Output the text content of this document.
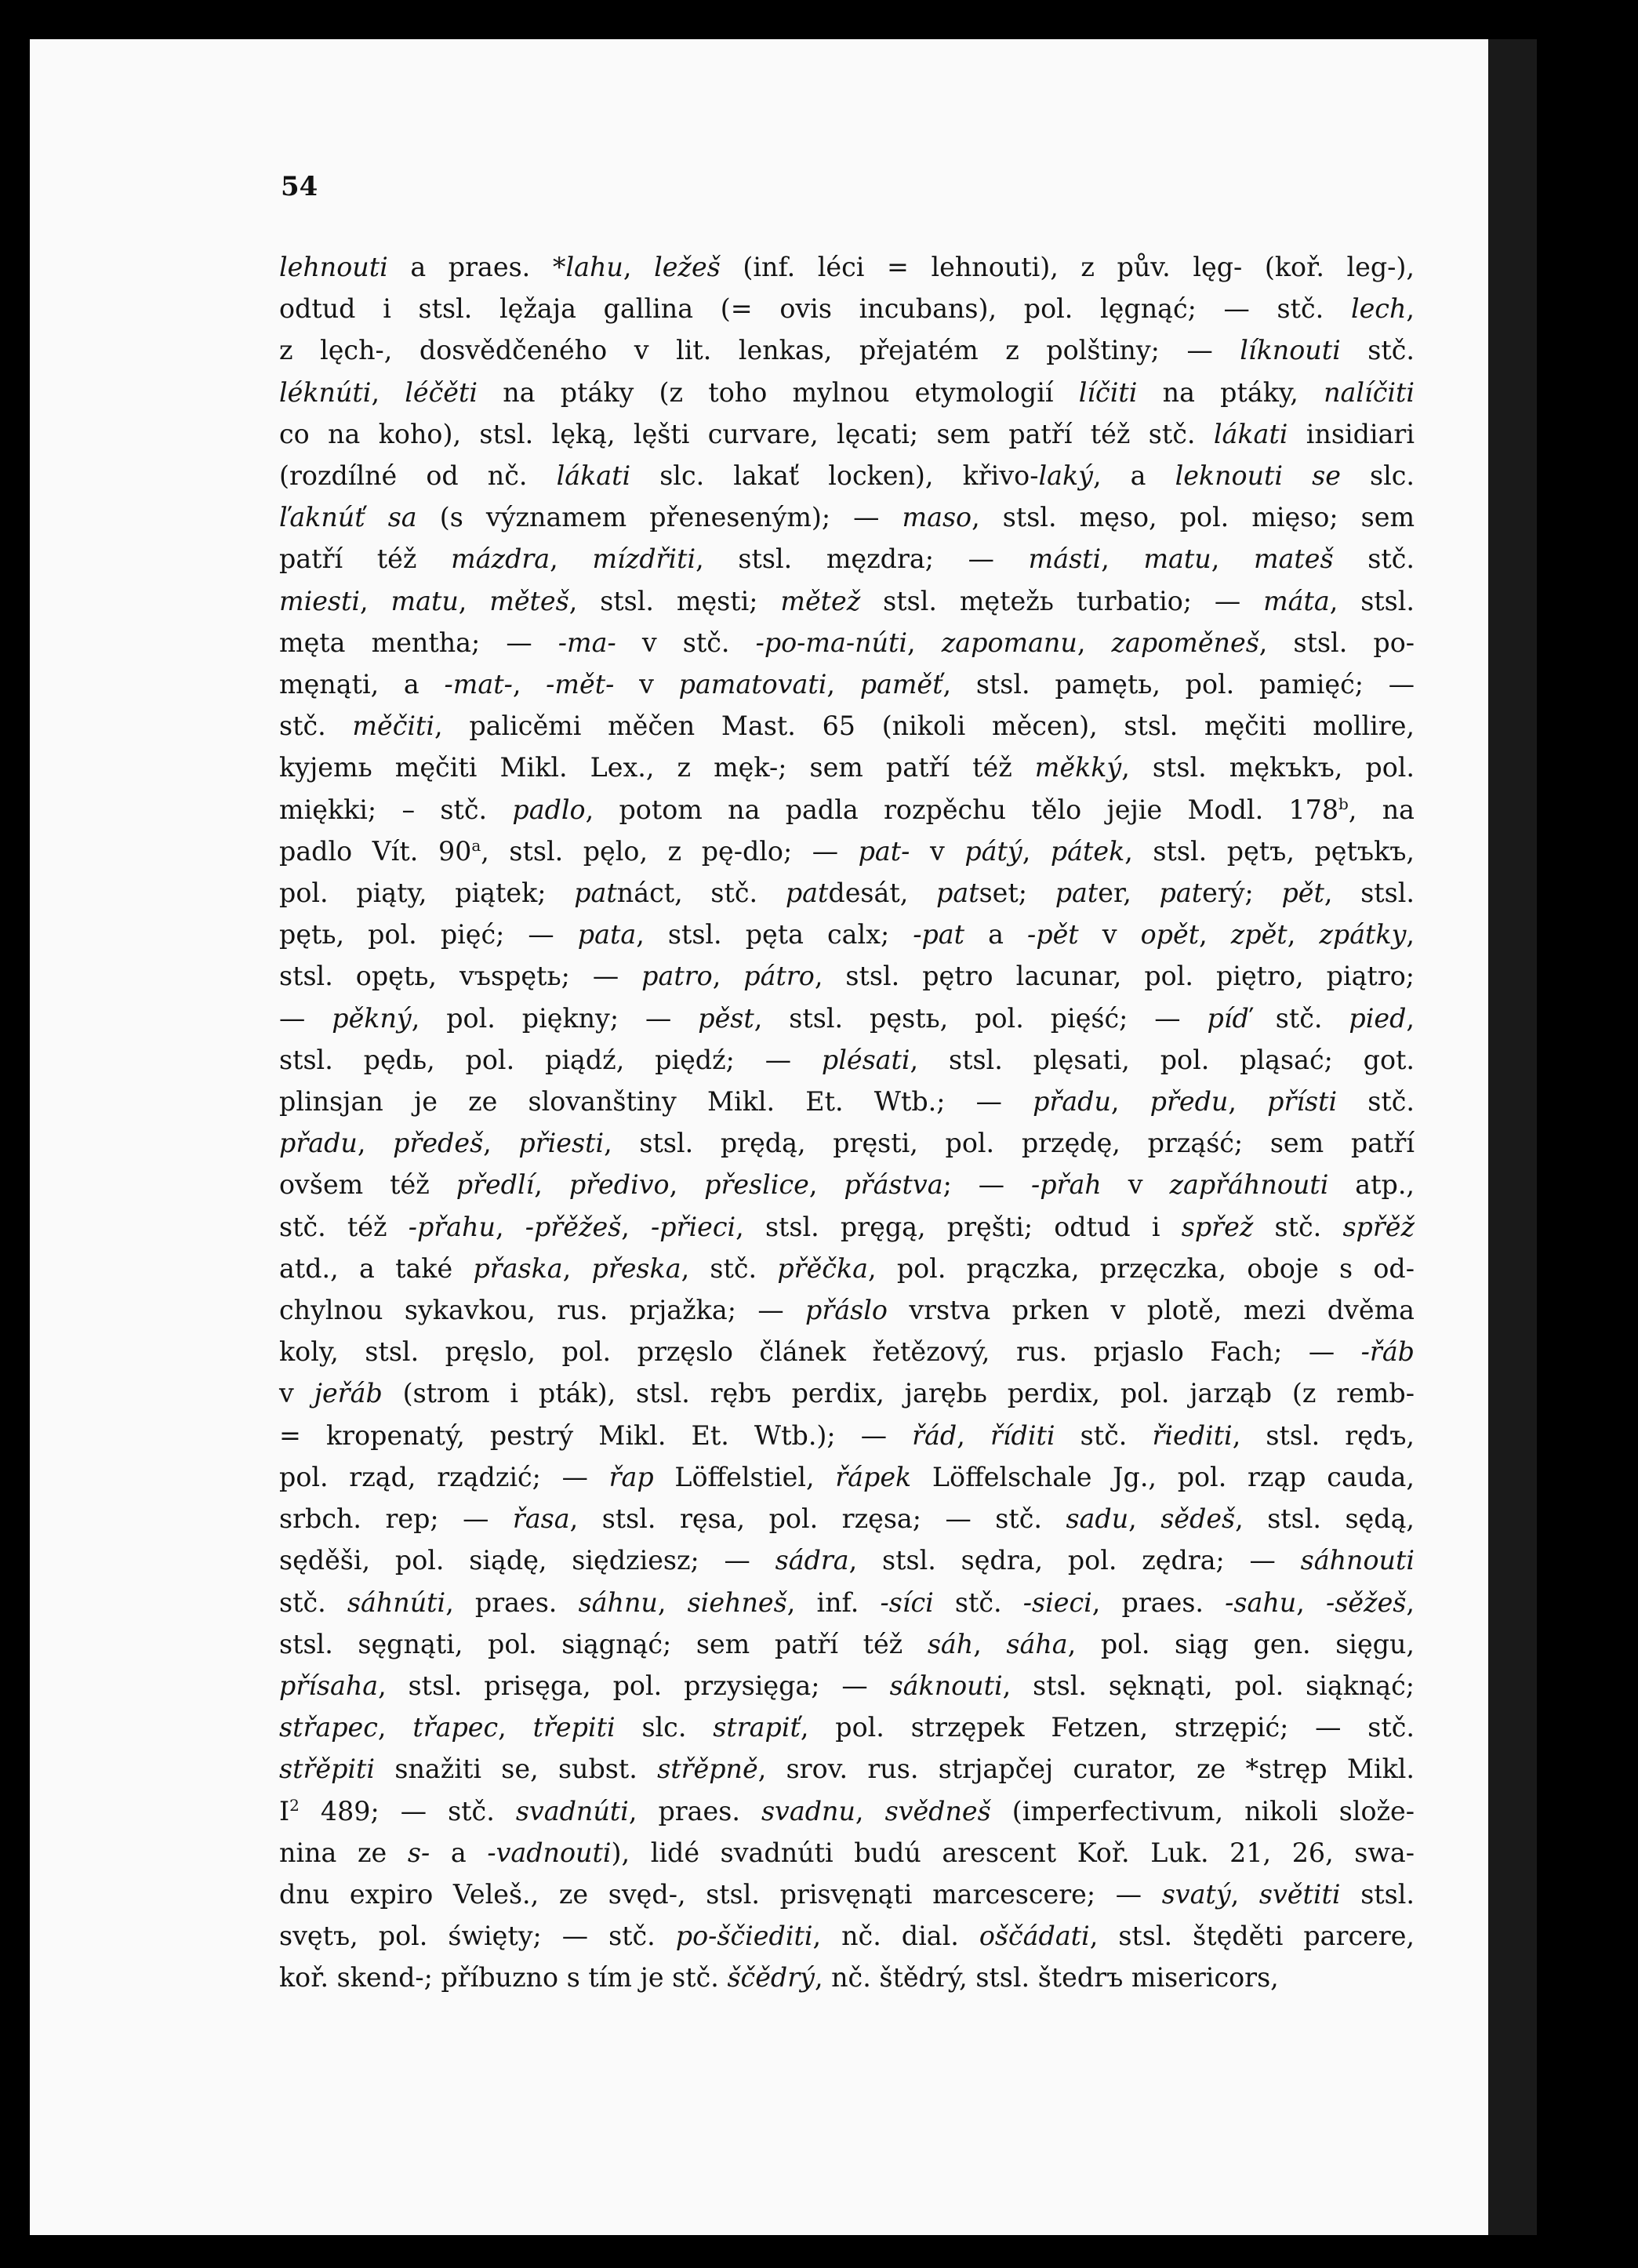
54
lehnouti a praes. *lahu, ležeš (inf. léci = lehnouti), z pův. lęg- (koř. leg-),
odtud i stsl. lęžaja gallina (= ovis incubans), pol. lęgnąć; — stč. lech,
z lęch-, dosvědčeného v lit. lenkas, přejatém z polštiny; — líknouti stč.
léknúti, léčěti na ptáky (z toho mylnou etymologií líčiti na ptáky, nalíčiti
co na koho), stsl. lęką, lęšti curvare, lęcati; sem patří též stč. lákati insidiari
(rozdílné od nč. lákati slc. lakať locken), křivo-laký, a leknouti se slc.
ľaknúť sa (s významem přeneseným); — maso, stsl. męso, pol. mięso; sem
patří též mázdra, mízdřiti, stsl. męzdra; — másti, matu, mateš stč.
miesti, matu, měteš, stsl. męsti; mětež stsl. mętežь turbatio; — máta, stsl.
męta mentha; — -ma- v stč. -po-ma-núti, zapomanu, zapoměneš, stsl. po-
męnąti, a -mat-, -mět- v pamatovati, paměť, stsl. pamętь, pol. pamięć; —
stč. měčiti, palicěmi měčen Mast. 65 (nikoli měcen), stsl. męčiti mollire,
kyjemь męčiti Mikl. Lex., z męk-; sem patří též měkký, stsl. mękъkъ, pol.
miękki; – stč. padlo, potom na padla rozpěchu tělo jejie Modl. 178$^b$, na
padlo Vít. 90$^a$, stsl. pęlo, z pę-dlo; — pat- v pátý, pátek, stsl. pętъ, pętъkъ,
pol. piąty, piątek; patnáct, stč. patdesát, patset; pater, paterý; pět, stsl.
pętь, pol. pięć; — pata, stsl. pęta calx; -pat a -pět v opět, zpět, zpátky,
stsl. opętь, vъspętь; — patro, pátro, stsl. pętro lacunar, pol. piętro, piątro;
— pěkný, pol. piękny; — pěst, stsl. pęstь, pol. pięść; — píď stč. pied,
stsl. pędь, pol. piądź, piędź; — plésati, stsl. plęsati, pol. pląsać; got.
plinsjan je ze slovanštiny Mikl. Et. Wtb.; — přadu, předu, přísti stč.
přadu, předeš, přiesti, stsl. prędą, pręsti, pol. przędę, prząść; sem patří
ovšem též předlí, předivo, přeslice, přástva; — -přah v zapřáhnouti atp.,
stč. též -přahu, -přěžeš, -přieci, stsl. pręgą, pręšti; odtud i spřež stč. spřěž
atd., a také přaska, přeska, stč. přěčka, pol. prączka, przęczka, oboje s od-
chylnou sykavkou, rus. prjažka; — přáslo vrstva prken v plotě, mezi dvěma
koly, stsl. pręslo, pol. przęslo článek řetězový, rus. prjaslo Fach; — -řáb
v jeřáb (strom i pták), stsl. rębъ perdix, jarębь perdix, pol. jarząb (z remb-
= kropenatý, pestrý Mikl. Et. Wtb.); — řád, říditi stč. řiediti, stsl. rędъ,
pol. rząd, rządzić; — řap Löffelstiel, řápek Löffelschale Jg., pol. rząp cauda,
srbch. rep; — řasa, stsl. ręsa, pol. rzęsa; — stč. sadu, sědeš, stsl. sędą,
sęděši, pol. siądę, siędziesz; — sádra, stsl. sędra, pol. zędra; — sáhnouti
stč. sáhnúti, praes. sáhnu, siehneš, inf. -síci stč. -sieci, praes. -sahu, -sěžeš,
stsl. sęgnąti, pol. siągnąć; sem patří též sáh, sáha, pol. siąg gen. sięgu,
přísaha, stsl. prisęga, pol. przysięga; — sáknouti, stsl. sęknąti, pol. siąknąć;
střapec, třapec, třepiti slc. strapiť, pol. strzępek Fetzen, strzępić; — stč.
střěpiti snažiti se, subst. střěpně, srov. rus. strjapčej curator, ze *stręp Mikl.
$I^2$ 489; — stč. svadnúti, praes. svadnu, svědneš (imperfectivum, nikoli slože-
nina ze s- a -vadnouti), lidé svadnúti budú arescent Koř. Luk. 21, 26, swa-
dnu expiro Veleš., ze svęd-, stsl. prisvęnąti marcescere; — svatý, světiti stsl.
svętъ, pol. święty; — stč. po-ščiediti, nč. dial. oščádati, stsl. štęděti parcere,
koř. skend-; příbuzno s tím je stč. ščědrý, nč. štědrý, stsl. štedrъ misericors,
